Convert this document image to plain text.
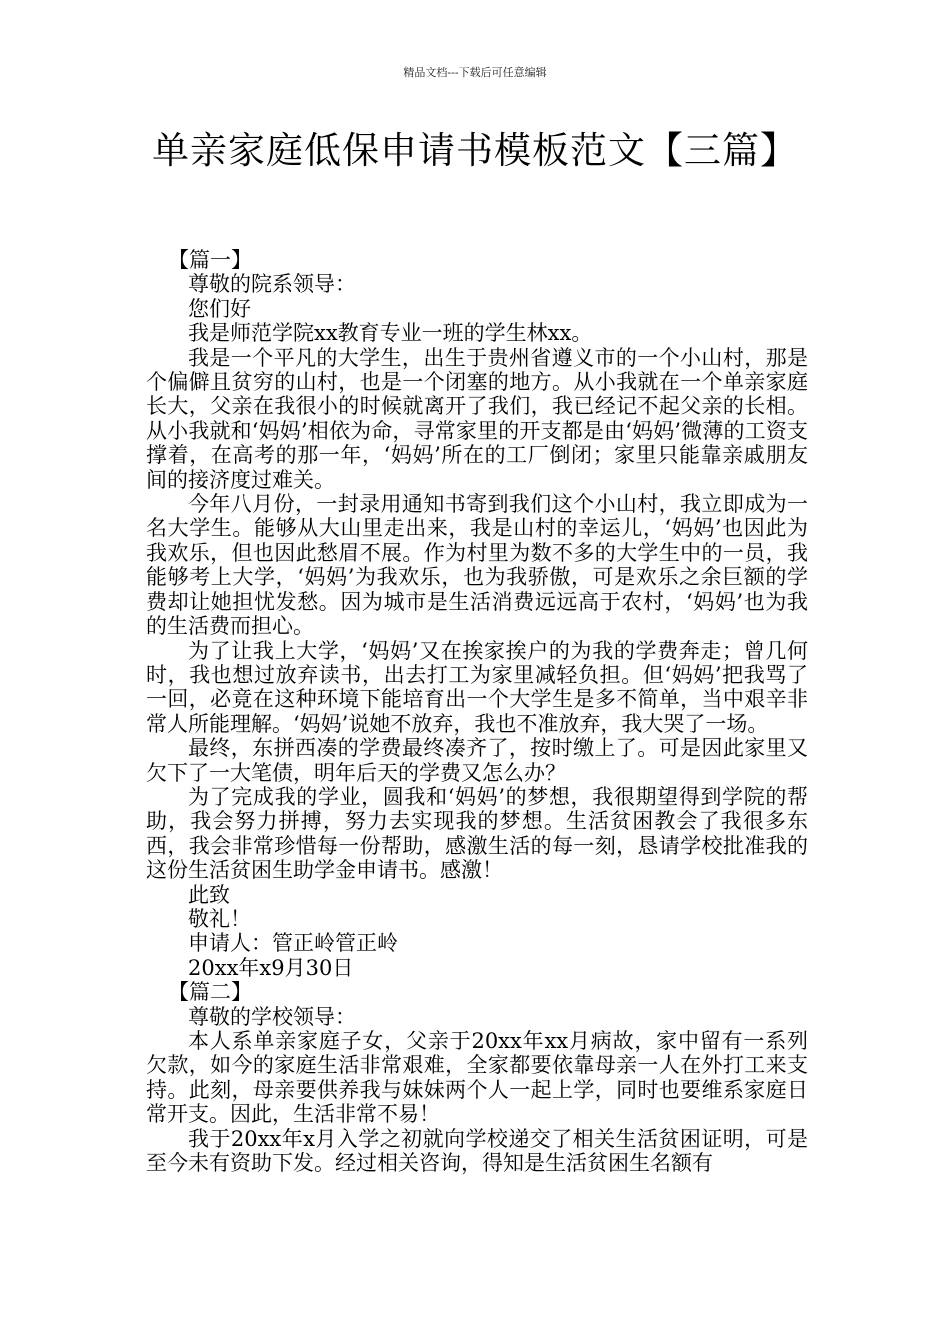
精品文档---下载后可任意编辑
单亲家庭低保申请书模板范文【三篇】

【篇一】

尊敬的院系领导：

您们好

我是师范学院xx教育专业一班的学生林xx。

我是一个平凡的大学生，出生于贵州省遵义市的一个小山村，那是个偏僻且贫穷的山村，也是一个闭塞的地方。从小我就在一个单亲家庭长大，父亲在我很小的时候就离开了我们，我已经记不起父亲的长相。从小我就和‘妈妈’相依为命，寻常家里的开支都是由‘妈妈’微薄的工资支撑着，在高考的那一年，‘妈妈’所在的工厂倒闭；家里只能靠亲戚朋友间的接济度过难关。

今年八月份，一封录用通知书寄到我们这个小山村，我立即成为一名大学生。能够从大山里走出来，我是山村的幸运儿，‘妈妈’也因此为我欢乐，但也因此愁眉不展。作为村里为数不多的大学生中的一员，我能够考上大学，‘妈妈’为我欢乐，也为我骄傲，可是欢乐之余巨额的学费却让她担忧发愁。因为城市是生活消费远远高于农村，‘妈妈’也为我的生活费而担心。

为了让我上大学，‘妈妈’又在挨家挨户的为我的学费奔走；曾几何时，我也想过放弃读书，出去打工为家里减轻负担。但‘妈妈’把我骂了一回，必竟在这种环境下能培育出一个大学生是多不简单，当中艰辛非常人所能理解。‘妈妈’说她不放弃，我也不准放弃，我大哭了一场。

最终，东拼西凑的学费最终凑齐了，按时缴上了。可是因此家里又欠下了一大笔债，明年后天的学费又怎么办？

为了完成我的学业，圆我和‘妈妈’的梦想，我很期望得到学院的帮助，我会努力拼搏，努力去实现我的梦想。生活贫困教会了我很多东西，我会非常珍惜每一份帮助，感激生活的每一刻，恳请学校批准我的这份生活贫困生助学金申请书。感激！

此致

敬礼！

申请人：管正岭管正岭

20xx年x9月30日

【篇二】

尊敬的学校领导：

本人系单亲家庭子女，父亲于20xx年xx月病故，家中留有一系列欠款，如今的家庭生活非常艰难，全家都要依靠母亲一人在外打工来支持。此刻，母亲要供养我与妹妹两个人一起上学，同时也要维系家庭日常开支。因此，生活非常不易！

我于20xx年x月入学之初就向学校递交了相关生活贫困证明，可是至今未有资助下发。经过相关咨询，得知是生活贫困生名额有
